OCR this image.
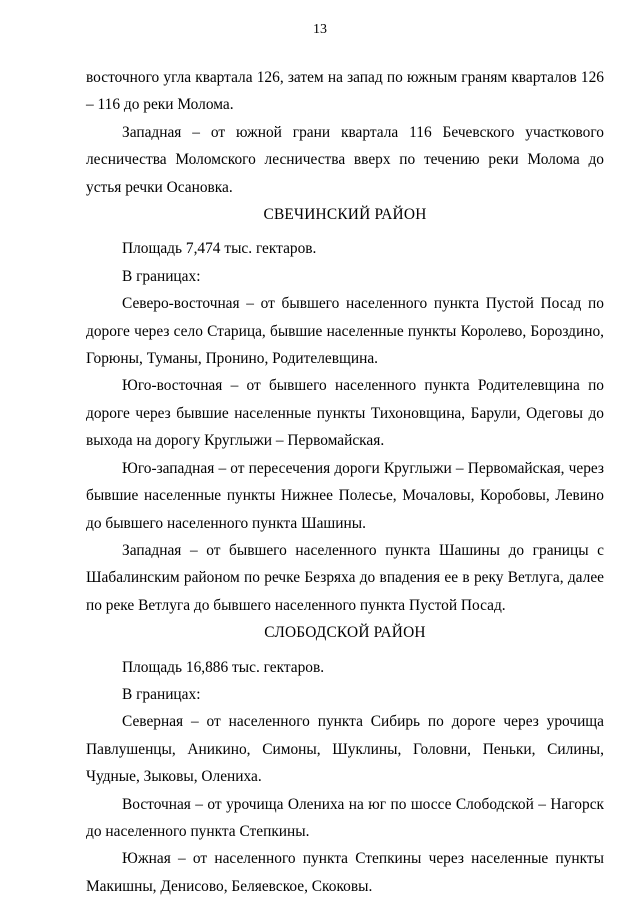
13

восточного угла квартала 126, затем на запад по южным граням кварталов 126 – 116 до реки Молома.

Западная – от южной грани квартала 116 Бечевского участкового лесничества Моломского лесничества вверх по течению реки Молома до устья речки Осановка.

СВЕЧИНСКИЙ РАЙОН

Площадь 7,474 тыс. гектаров.

В границах:

Северо-восточная – от бывшего населенного пункта Пустой Посад по дороге через село Старица, бывшие населенные пункты Королево, Бороздино, Горюны, Туманы, Пронино, Родителевщина.

Юго-восточная – от бывшего населенного пункта Родителевщина по дороге через бывшие населенные пункты Тихоновщина, Барули, Одеговы до выхода на дорогу Круглыжи – Первомайская.

Юго-западная – от пересечения дороги Круглыжи – Первомайская, через бывшие населенные пункты Нижнее Полесье, Мочаловы, Коробовы, Левино до бывшего населенного пункта Шашины.

Западная – от бывшего населенного пункта Шашины до границы с Шабалинским районом по речке Безряха до впадения ее в реку Ветлуга, далее по реке Ветлуга до бывшего населенного пункта Пустой Посад.

СЛОБОДСКОЙ РАЙОН

Площадь 16,886 тыс. гектаров.

В границах:

Северная – от населенного пункта Сибирь по дороге через урочища Павлушенцы, Аникино, Симоны, Шуклины, Головни, Пеньки, Силины, Чудные, Зыковы, Олениха.

Восточная – от урочища Олениха на юг по шоссе Слободской – Нагорск до населенного пункта Степкины.

Южная – от населенного пункта Степкины через населенные пункты Макишны, Денисово, Беляевское, Скоковы.
